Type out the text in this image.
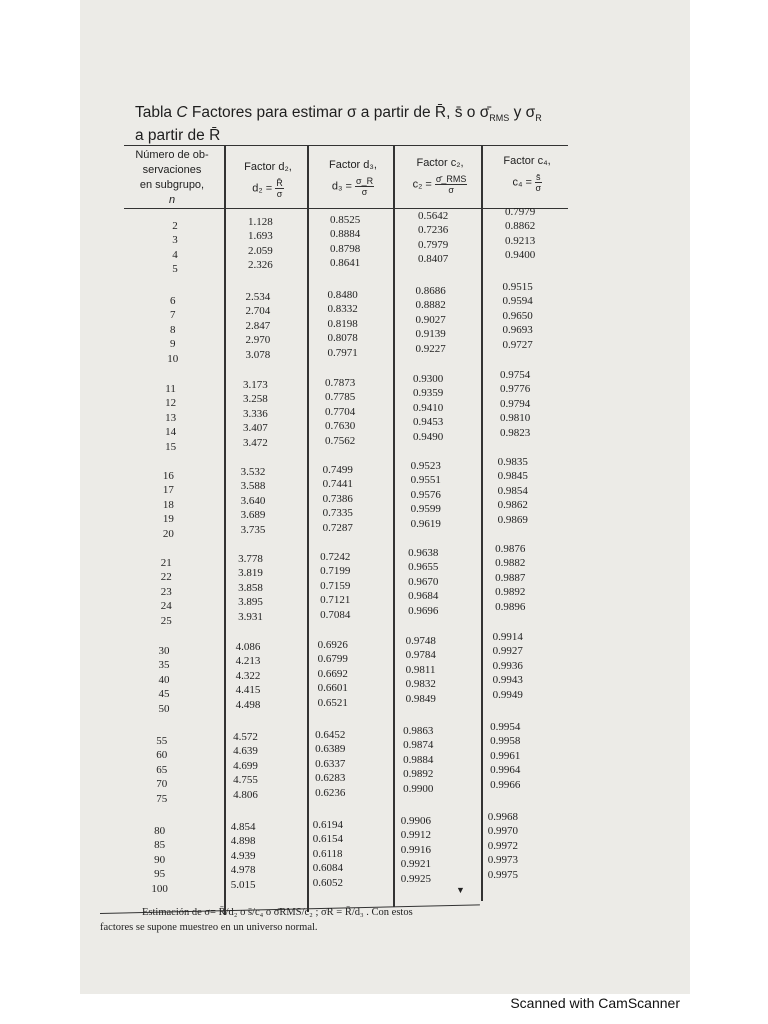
Tabla C Factores para estimar σ a partir de R̄, s̄ o $\sigmā_{RMS}$ y $\sigma_R$
a partir de R̄
Número de ob-
servaciones
en subgrupo,
n
Factor d₂,
$d_2 = \frac{R̄}{\sigma}$
Factor d₃,
$d_3 = \frac{\sigma\_R}{\sigma}$
Factor c₂,
c₂ = σ̄_RMS
σ
Factor c₄,
$c_4 = \frac{s̄}{\sigma}$
2
3
4
5
1.128
1.693
2.059
2.326
0.8525
0.8884
0.8798
0.8641
0.5642
0.7236
0.7979
0.8407
0.7979
0.8862
0.9213
0.9400
6
7
8
9
10
2.534
2.704
2.847
2.970
3.078
0.8480
0.8332
0.8198
0.8078
0.7971
0.8686
0.8882
0.9027
0.9139
0.9227
0.9515
0.9594
0.9650
0.9693
0.9727
11
12
13
14
15
3.173
3.258
3.336
3.407
3.472
0.7873
0.7785
0.7704
0.7630
0.7562
0.9300
0.9359
0.9410
0.9453
0.9490
0.9754
0.9776
0.9794
0.9810
0.9823
16
17
18
19
20
3.532
3.588
3.640
3.689
3.735
0.7499
0.7441
0.7386
0.7335
0.7287
0.9523
0.9551
0.9576
0.9599
0.9619
0.9835
0.9845
0.9854
0.9862
0.9869
21
22
23
24
25
3.778
3.819
3.858
3.895
3.931
0.7242
0.7199
0.7159
0.7121
0.7084
0.9638
0.9655
0.9670
0.9684
0.9696
0.9876
0.9882
0.9887
0.9892
0.9896
30
35
40
45
50
4.086
4.213
4.322
4.415
4.498
0.6926
0.6799
0.6692
0.6601
0.6521
0.9748
0.9784
0.9811
0.9832
0.9849
0.9914
0.9927
0.9936
0.9943
0.9949
55
60
65
70
75
4.572
4.639
4.699
4.755
4.806
0.6452
0.6389
0.6337
0.6283
0.6236
0.9863
0.9874
0.9884
0.9892
0.9900
0.9954
0.9958
0.9961
0.9964
0.9966
80
85
90
95
100
4.854
4.898
4.939
4.978
5.015
0.6194
0.6154
0.6118
0.6084
0.6052
0.9906
0.9912
0.9916
0.9921
0.9925
0.9968
0.9970
0.9972
0.9973
0.9975
▼
Estimación de σ= R̄/d₂ o s̄/c₄ o σ̄RMS/c₂ ; σR = R̄/d₃ . Con estos
factores se supone muestreo en un universo normal.
Scanned with CamScanner
